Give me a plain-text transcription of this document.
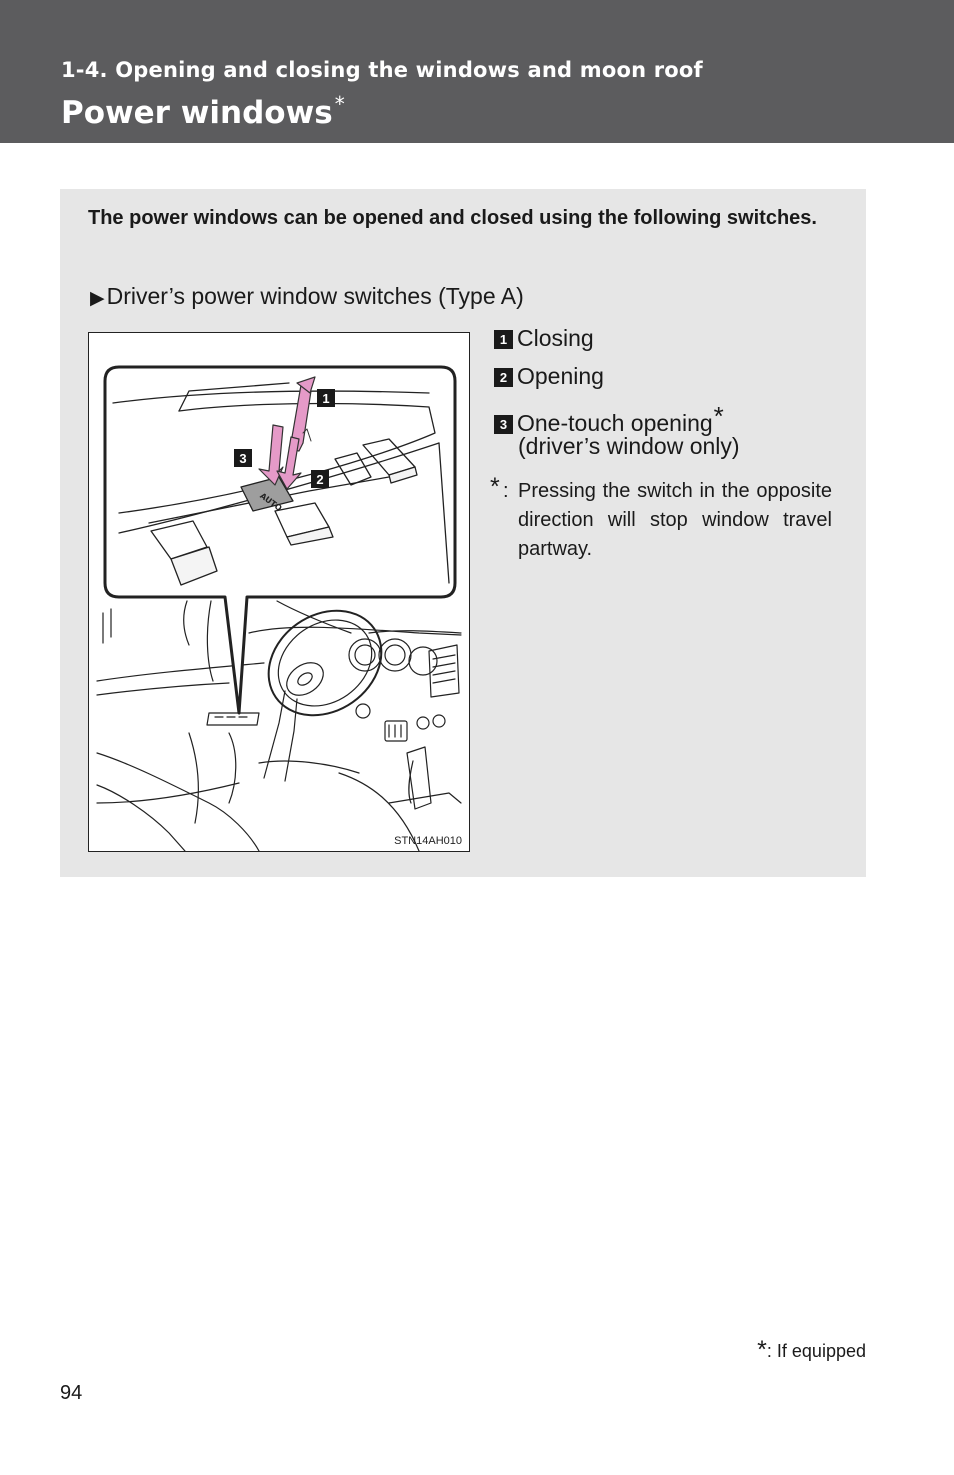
1-4. Opening and closing the windows and moon roof
Power windows *
The power windows can be opened and closed using the following switches.
▶Driver’s power window switches (Type A)
AUTO
1
2
3
STN14AH010
1 Closing
2 Opening
3 One-touch opening*
(driver’s window only)
* : Pressing the switch in the opposite direction will stop window travel partway.
*: If equipped
94
